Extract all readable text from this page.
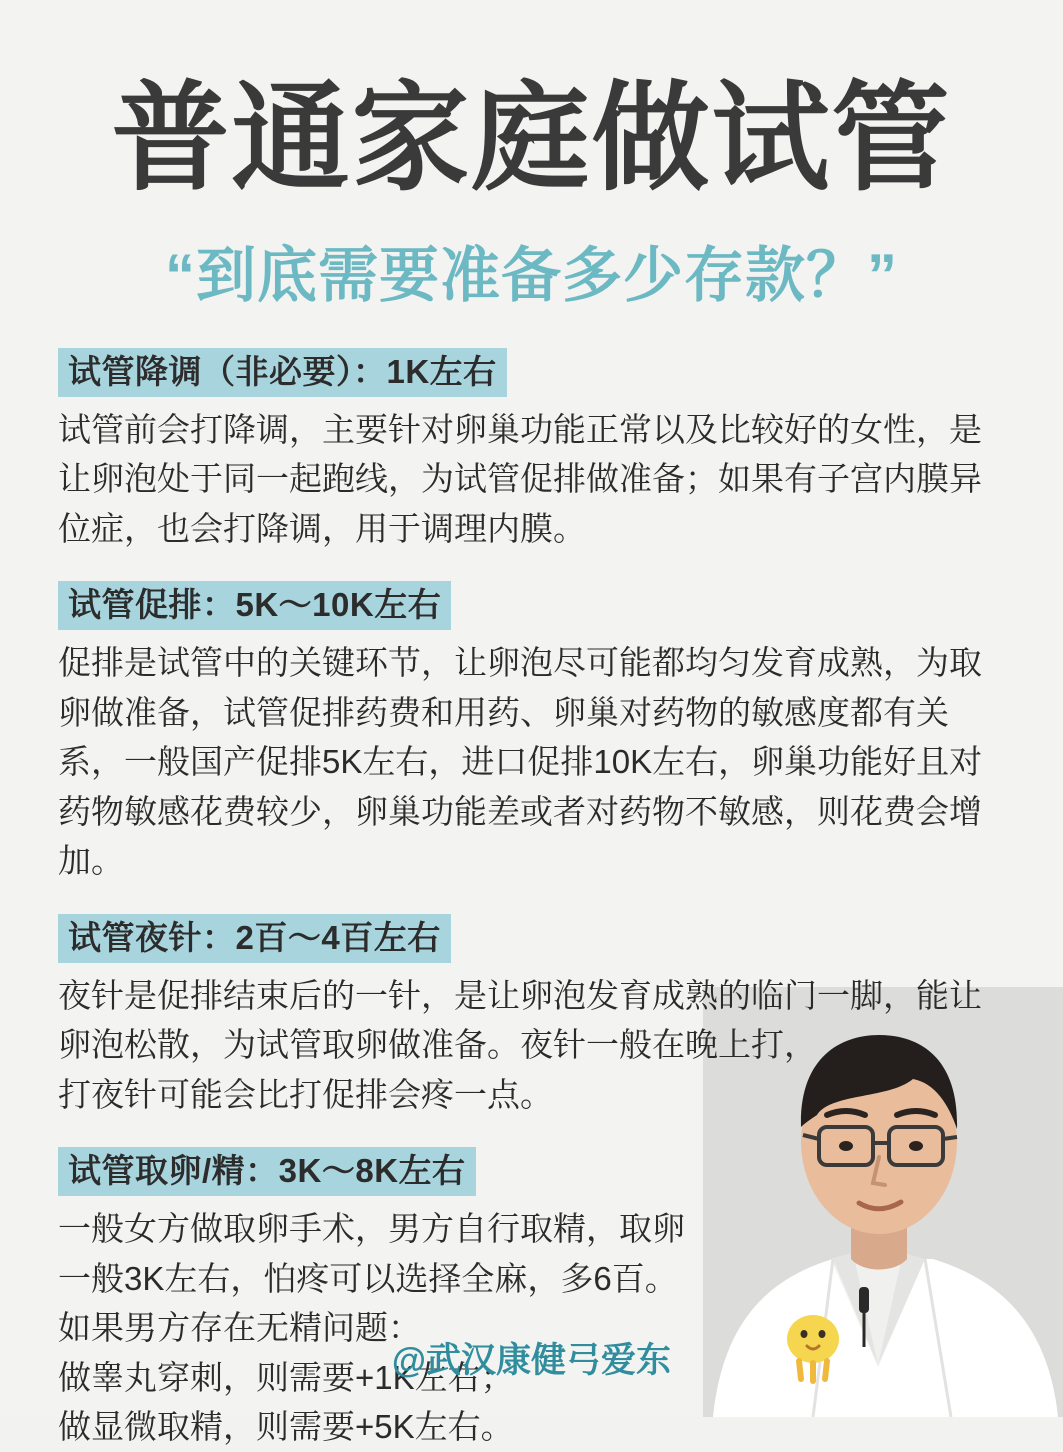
普通家庭做试管
“到底需要准备多少存款？”
试管降调（非必要）：1K左右
试管前会打降调，主要针对卵巢功能正常以及比较好的女性，是让卵泡处于同一起跑线，为试管促排做准备；如果有子宫内膜异位症，也会打降调，用于调理内膜。
试管促排：5K〜10K左右
促排是试管中的关键环节，让卵泡尽可能都均匀发育成熟，为取卵做准备，试管促排药费和用药、卵巢对药物的敏感度都有关系，一般国产促排5K左右，进口促排10K左右，卵巢功能好且对药物敏感花费较少，卵巢功能差或者对药物不敏感，则花费会增加。
试管夜针：2百〜4百左右
夜针是促排结束后的一针，是让卵泡发育成熟的临门一脚，能让卵泡松散，为试管取卵做准备。夜针一般在晚上打，
打夜针可能会比打促排会疼一点。
试管取卵/精：3K〜8K左右
一般女方做取卵手术，男方自行取精，取卵
一般3K左右，怕疼可以选择全麻，多6百。
如果男方存在无精问题：
做睾丸穿刺，则需要+1K左右；
做显微取精，则需要+5K左右。
@武汉康健弓爱东
